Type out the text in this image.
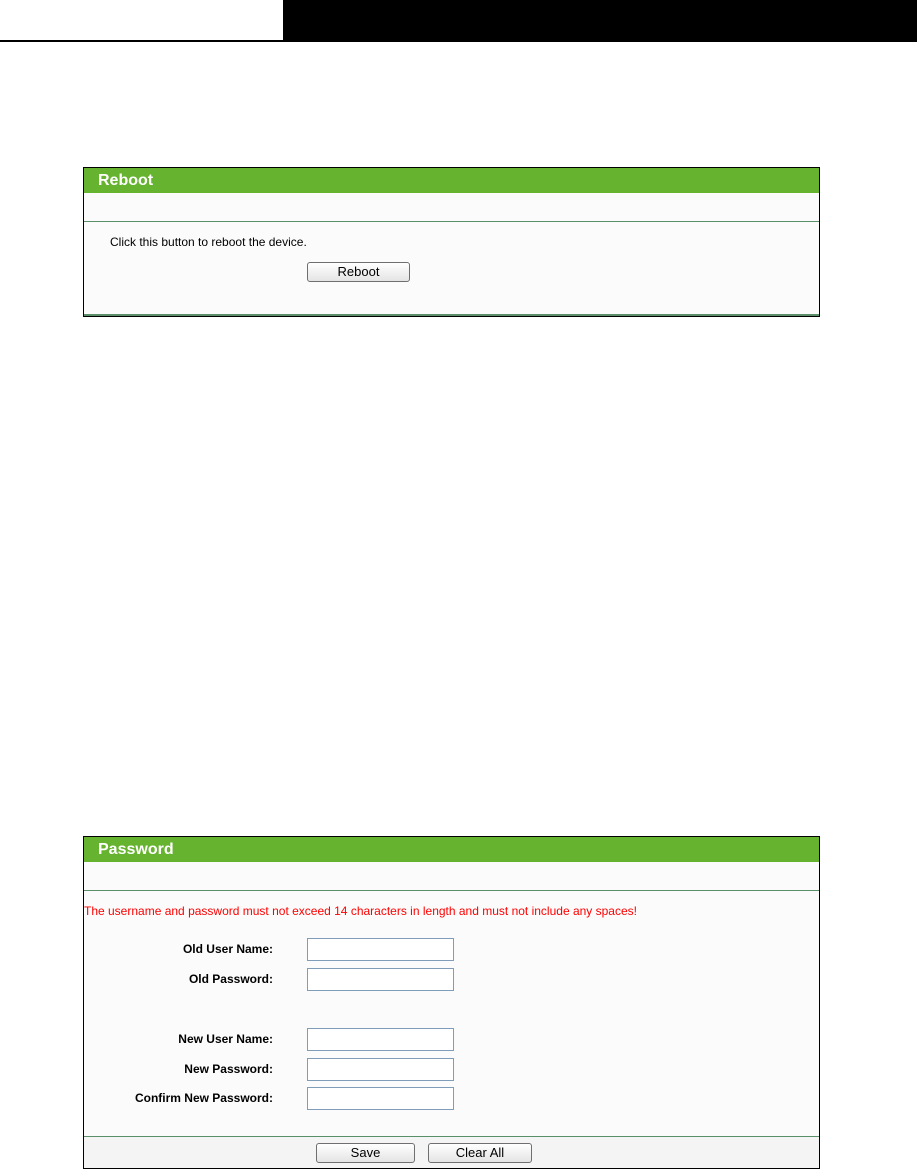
Reboot
Click this button to reboot the device.
Reboot
Password
The username and password must not exceed 14 characters in length and must not include any spaces!
Old User Name:
Old Password:
New User Name:
New Password:
Confirm New Password:
Save	Clear All
